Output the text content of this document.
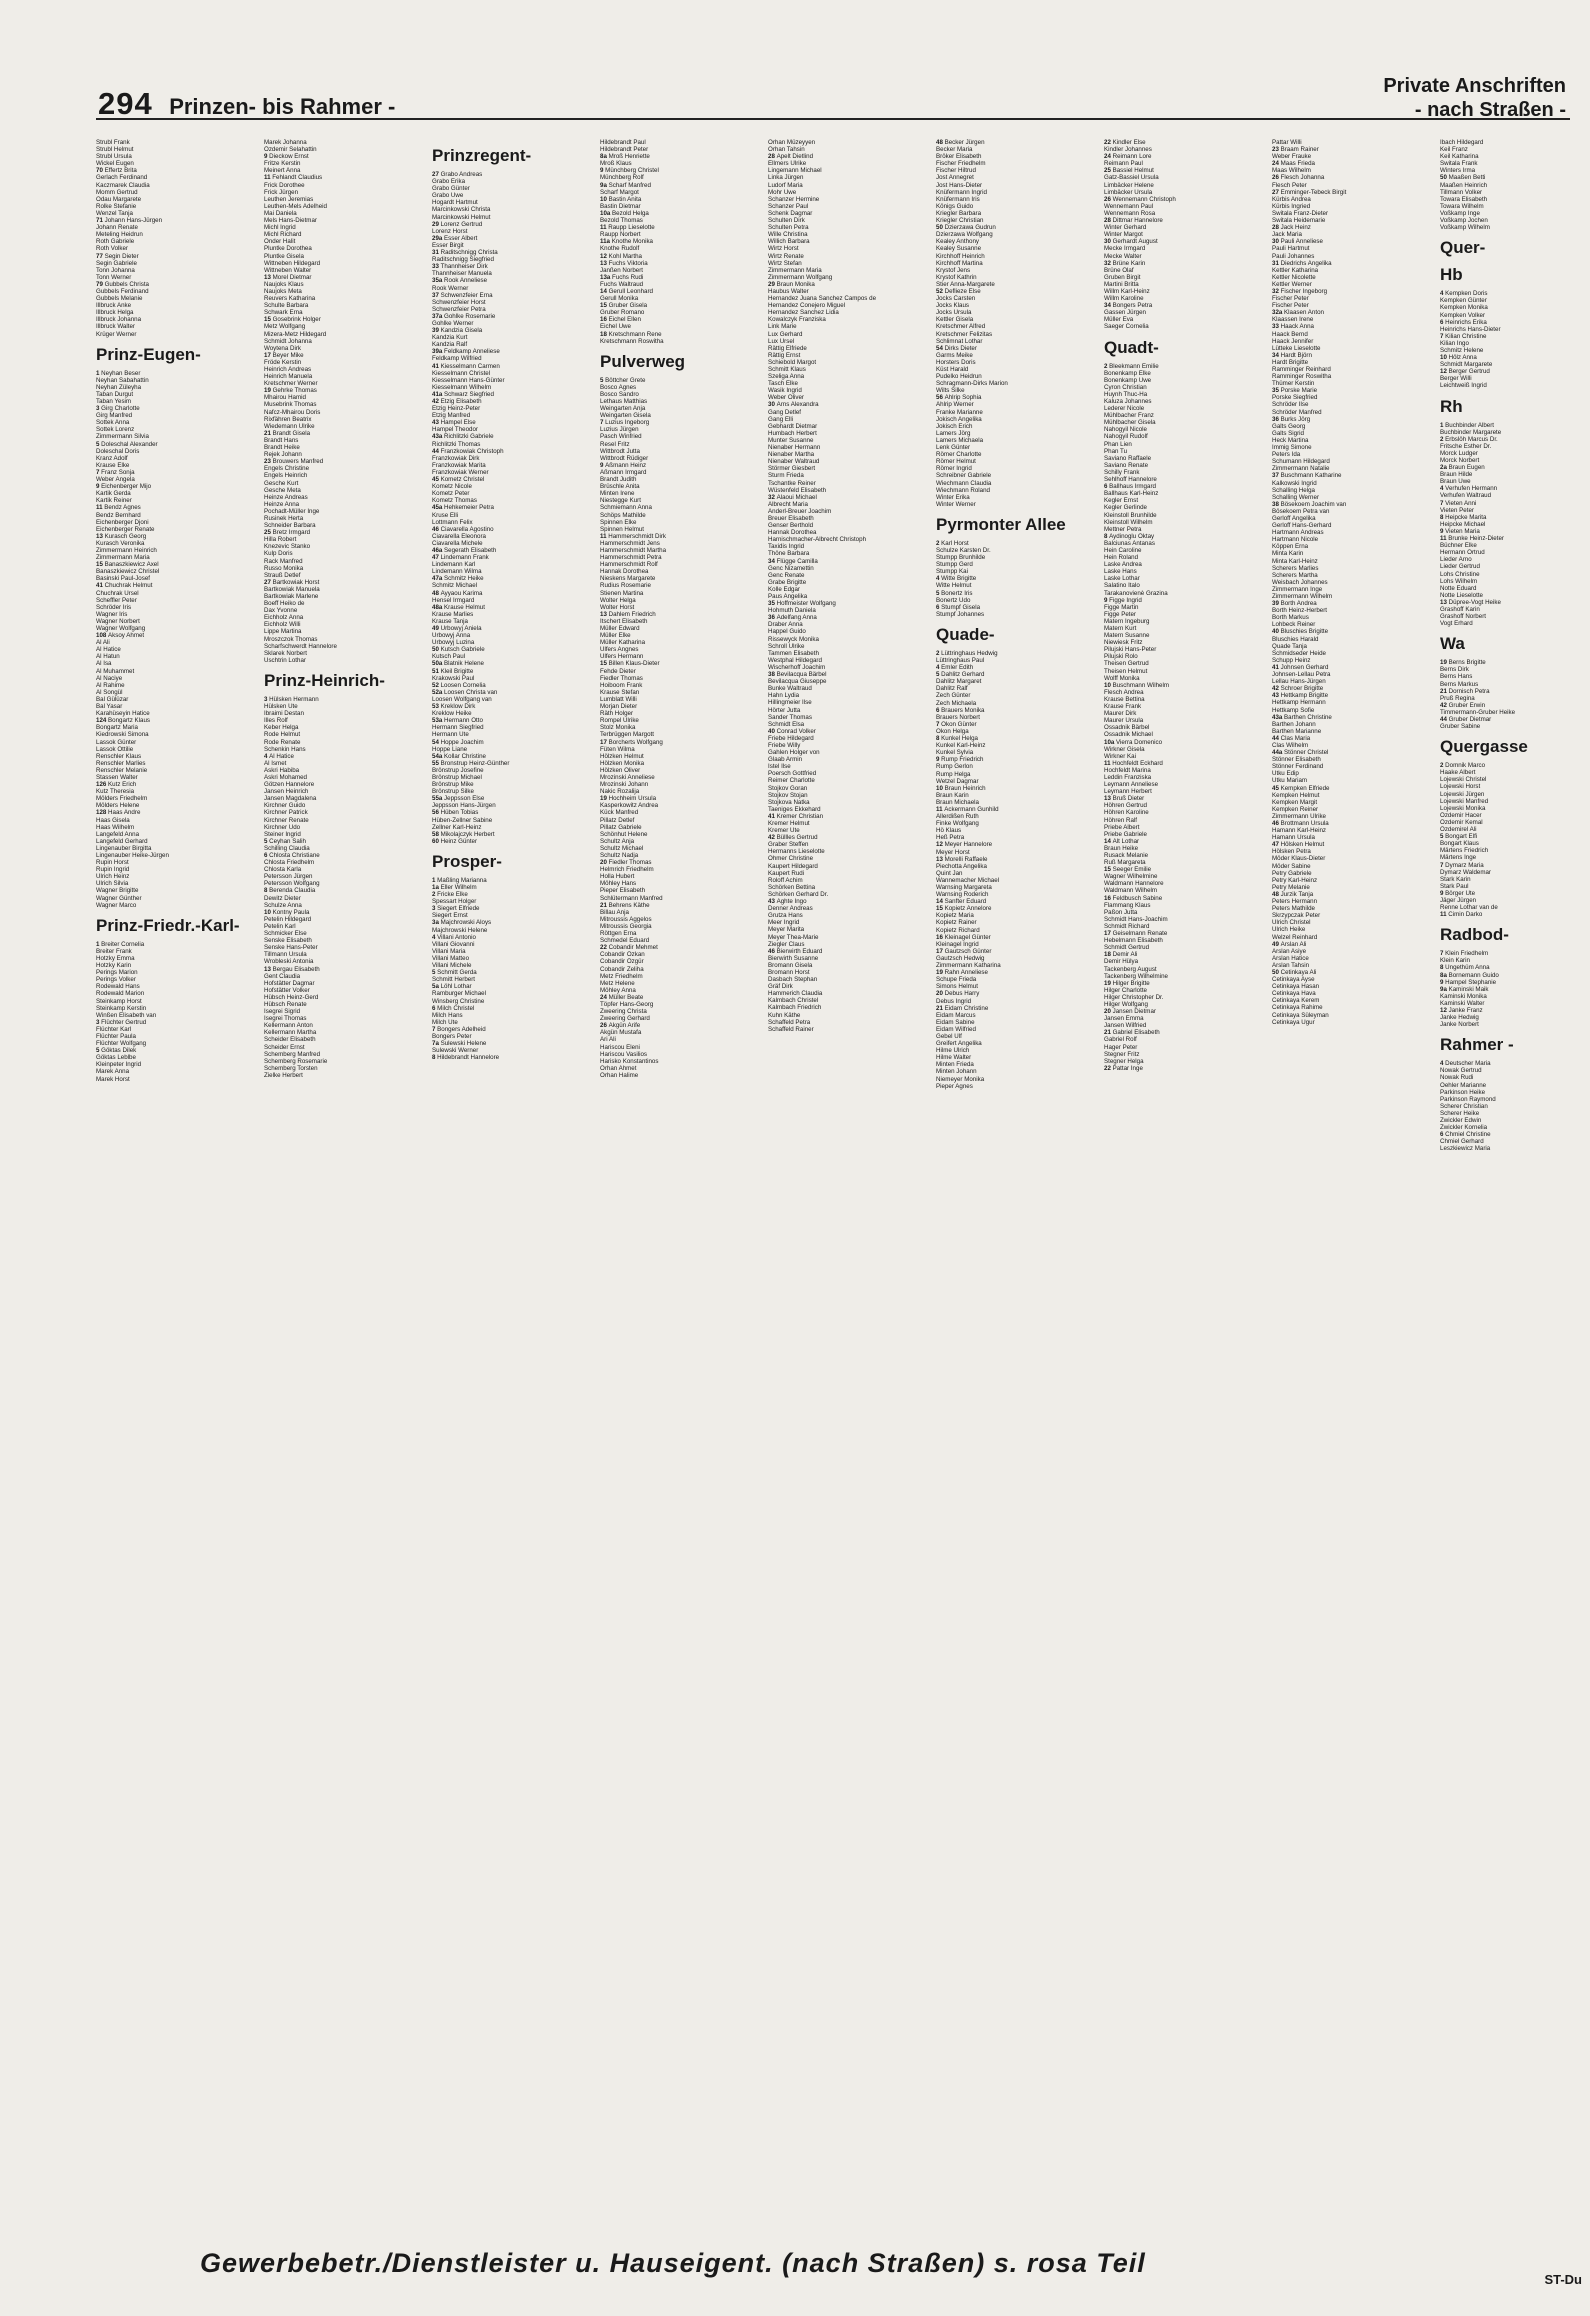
294 Prinzen- bis Rahmer -
Private Anschriften
- nach Straßen -
Strubl Frank
Strubl Helmut
Strubl Ursula
Wickel Eugen
70 Effertz Brita
Gerlach Ferdinand
Kaczmarek Claudia
Momm Gertrud
Odau Margarete
Rolke Stefanie
Wenzel Tanja
71 Johann Hans-Jürgen
Johann Renate
Meteling Heidrun
Roth Gabriele
Roth Volker
77 Segin Dieter
Segin Gabriele
Tonn Johanna
Tonn Werner
79 Gubbels Christa
Gubbels Ferdinand
Gubbels Melanie
Illbruck Anke
Illbruck Helga
Illbruck Johanna
Illbruck Walter
Krüger Werner
Prinz-Eugen-
1 Neyhan Beser
Neyhan Sabahattin
Neyhan Züleyha
Taban Durgut
Taban Yesim
3 Girg Charlotte
Girg Manfred
Sottek Anna
Sottek Lorenz
Zimmermann Silvia
5 Doleschal Alexander
Doleschal Doris
Kranz Adolf
Krause Elke
7 Franz Sonja
Weber Angela
9 Eichenberger Mijo
Kartik Gerda
Kartik Reiner
11 Bendz Agnes
Bendz Bernhard
Eichenberger Djoni
Eichenberger Renate
13 Kurasch Georg
Kurasch Veronika
Zimmermann Heinrich
Zimmermann Maria
15 Banaszkiewicz Axel
Banaszkiewicz Christel
Basinski Paul-Josef
41 Chuchrak Helmut
Chuchrak Ursel
Scheffler Peter
Schröder Iris
Wagner Iris
Wagner Norbert
Wagner Wolfgang
108 Aksoy Ahmet
Al Ali
Al Hatice
Al Hatun
Al Isa
Al Muhammet
Al Naciye
Al Rahime
Al Songül
Bal Gülüzar
Bal Yasar
Karahüseyin Hatice
124 Bongartz Klaus
Bongartz Maria
Kiedrowski Simona
Lassok Günter
Lassok Ottilie
Renschler Klaus
Renschler Marlies
Renschler Melanie
Stassen Walter
126 Kutz Erich
Kutz Theresia
Mölders Friedhelm
Mölders Helene
128 Haas Andre
Haas Gisela
Haas Wilhelm
Langefeld Anna
Langefeld Gerhard
Lingenauber Birgitta
Lingenauber Heike-Jürgen
Rupin Horst
Rupin Ingrid
Ulrich Heinz
Ulrich Silvia
Wagner Brigitte
Wagner Günther
Wagner Marco
Prinz-Friedr.-Karl-
1 Breiter Cornelia
Breiter Frank
Hotzky Emma
Hotzky Karin
Perings Marion
Perings Volker
Rodewald Hans
Rodewald Marion
Steinkamp Horst
Steinkamp Kerstin
Winßen Elisabeth van
3 Flüchter Gertrud
Flüchter Karl
Flüchter Paula
Flüchter Wolfgang
5 Göktas Dilek
Göktas Leblbe
Kleinpeter Ingrid
Marek Anna
Marek Horst
Marek Johanna
Özdemir Selahattin
9 Dieckow Ernst
Fritze Kerstin
Meinert Anna
11 Fehlandt Claudius
Frick Dorothee
Frick Jürgen
Leuthen Jeremias
Leuthen-Mels Adelheid
Mai Daniela
Mels Hans-Dietmar
Michl Ingrid
Michl Richard
Önder Halit
Pluntke Dorothea
Pluntke Gisela
Wittneben Hildegard
Wittneben Walter
13 Morel Dietmar
Naujoks Klaus
Naujoks Meta
Reuvers Katharina
Schulte Barbara
Schwark Erna
15 Gosebrink Holger
Metz Wolfgang
Mizera-Metz Hildegard
Schmidt Johanna
Woytena Dirk
17 Beyer Mike
Fröde Kerstin
Heinrich Andreas
Heinrich Manuela
Kretschmer Werner
19 Gehrke Thomas
Mhairou Hamid
Musebrink Thomas
Nafcz-Mhairou Doris
Rixfähren Beatrix
Wiedemann Ulrike
21 Brandt Gisela
Brandt Hans
Brandt Heike
Rejek Johann
23 Brouwers Manfred
Engels Christine
Engels Heinrich
Gesche Kurt
Gesche Meta
Heinze Andreas
Heinze Anna
Pochadt-Müller Inge
Rusinek Herta
Schneider Barbara
25 Bretz Irmgard
Hilla Robert
Knezevic Stanko
Kulp Doris
Rack Manfred
Russo Monika
Strauß Detlef
27 Bartkowiak Horst
Bartkowiak Manuela
Bartkowiak Marlene
Boeff Heiko de
Dax Yvonne
Eichholz Anna
Eichholz Willi
Lippe Martina
Mroszczok Thomas
Scharfschwerdt Hannelore
Sklarek Norbert
Uschtrin Lothar
Prinz-Heinrich-
3 Hülsken Hermann
Hülsken Ute
Ibraimi Destan
Illes Rolf
Keber Helga
Rode Helmut
Rode Renate
Schenkin Hans
4 Al Hatice
Al Ismet
Askri Habiba
Askri Mohamed
Götzen Hannelore
Jansen Heinrich
Jansen Magdalena
Kirchner Guido
Kirchner Patrick
Kirchner Renate
Kirchner Udo
Steiner Ingrid
5 Ceyhan Salih
Schilling Claudia
6 Chlosta Christiane
Chlosta Friedhelm
Chlosta Karla
Petersson Jürgen
Petersson Wolfgang
8 Berenda Claudia
Dewitz Dieter
Schulze Anna
10 Kontny Paula
Petelin Hildegard
Petelin Karl
Schmicker Else
Senske Elisabeth
Senske Hans-Peter
Tillmann Ursula
Wrobleski Antonia
13 Bergau Elisabeth
Gent Claudia
Hofstätter Dagmar
Hofstätter Volker
Hübsch Heinz-Gerd
Hübsch Renate
Isegrei Sigrid
Isegrei Thomas
Kellermann Anton
Kellermann Martha
Scheider Elisabeth
Scheider Ernst
Schemberg Manfred
Schemberg Rosemarie
Schemberg Torsten
Zielke Herbert
Prinzregent-
27 Grabo Andreas
Grabo Erika
Grabo Günter
Grabo Uwe
Hogardt Hartmut
Marcinkowski Christa
Marcinkowski Helmut
29 Lorenz Gertrud
Lorenz Horst
29a Esser Albert
Esser Birgit
31 Raditschnigg Christa
Raditschnigg Siegfried
33 Thannheiser Dirk
Thannheiser Manuela
35a Rook Anneliese
Rook Werner
37 Schwenzfeier Erna
Schwenzfeier Horst
Schwenzfeier Petra
37a Gohlke Rosemarie
Gohlke Werner
39 Kandzia Gisela
Kandzia Kurt
Kandzia Ralf
39a Feldkamp Anneliese
Feldkamp Wilfried
41 Kiesselmann Carmen
Kiesselmann Christel
Kiesselmann Hans-Günter
Kiesselmann Wilhelm
41a Schwarz Siegfried
42 Etzig Elisabeth
Etzig Heinz-Peter
Etzig Manfred
43 Hampel Else
Hampel Theodor
43a Richlitzki Gabriele
Richlitzki Thomas
44 Franzkowiak Christoph
Franzkowiak Dirk
Franzkowiak Marita
Franzkowiak Werner
45 Kometz Christel
Kometz Nicole
Kometz Peter
Kometz Thomas
45a Hehkemeier Petra
Kruse Elli
Lottmann Felix
46 Ciavarella Agostino
Ciavarella Eleonora
Ciavarella Michele
46a Segerath Elisabeth
47 Lindemann Frank
Lindemann Karl
Lindemann Wilma
47a Schmitz Heike
Schmitz Michael
48 Ayyaou Karima
Hensel Irmgard
48a Krause Helmut
Krause Marlies
Krause Tanja
49 Urbowyj Aniela
Urbowyj Anna
Urbowyj Luzina
50 Kutsch Gabriele
Kutsch Paul
50a Blatnik Helene
51 Kleil Brigitte
Krakowski Paul
52 Loosen Cornelia
52a Loosen Christa van
Loosen Wolfgang van
53 Kreklow Dirk
Kreklow Heike
53a Hermann Otto
Hermann Siegfried
Hermann Ute
54 Hoppe Joachim
Hoppe Liane
54a Kollar Christine
55 Bronstrup Heinz-Günther
Brönstrup Josefine
Brönstrup Michael
Brönstrup Mike
Brönstrup Silke
55a Jeppsson Else
Jeppsson Hans-Jürgen
56 Hüben Tobias
Hüben-Zellner Sabine
Zellner Karl-Heinz
58 Mikolajczyk Herbert
60 Heinz Günter
Prosper-
1 Maßling Marianna
1a Eller Wilhelm
2 Fricke Elke
Spessart Holger
3 Siegert Elfriede
Siegert Ernst
3a Majchrowski Aloys
Majchrowski Helene
4 Villani Antonio
Villani Giovanni
Villani Maria
Villani Matteo
Villani Michele
5 Schmitt Gerda
Schmitt Herbert
5a Löhl Lothar
Ramburger Michael
Winsberg Christine
6 Milch Christel
Milch Hans
Milch Ute
7 Bongers Adelheid
Bongers Peter
7a Sulewski Helene
Sulewski Werner
8 Hildebrandt Hannelore
Hildebrandt Paul
Hildebrandt Peter
8a Mroß Henriette
Mroß Klaus
9 Münchberg Christel
Münchberg Rolf
9a Scharf Manfred
Scharf Margot
10 Bastin Anita
Bastin Dietmar
10a Bezold Helga
Bezold Thomas
11 Raupp Lieselotte
Raupp Norbert
11a Knothe Monika
Knothe Rudolf
12 Kohl Martha
13 Fuchs Viktoria
Janßen Norbert
13a Fuchs Rudi
Fuchs Waltraud
14 Gerull Leonhard
Gerull Monika
15 Gruber Gisela
Gruber Romano
16 Eichel Ellen
Eichel Uwe
18 Kretschmann Rene
Kretschmann Roswitha
Pulverweg
5 Böttcher Grete
Bosco Agnes
Bosco Sandro
Lethaus Matthias
Weingarten Anja
Weingarten Gisela
7 Luzius Ingeborg
Luzius Jürgen
Pasch Winfried
Resel Fritz
Wittbrodt Jutta
Wittbrodt Rüdiger
9 Aßmann Heinz
Aßmann Irmgard
Brandt Judith
Brüschle Anita
Minten Irene
Niestegge Kurt
Schmiemann Anna
Schöps Mathilde
Spinnen Elke
Spinnen Helmut
11 Hammerschmidt Dirk
Hammerschmidt Jens
Hammerschmidt Martha
Hammerschmidt Petra
Hammerschmidt Rolf
Hannak Dorothea
Nieskens Margarete
Rudius Rosemarie
Stienen Martina
Wolter Helga
Wolter Horst
13 Dahlem Friedrich
Itschert Elisabeth
Müller Edward
Müller Elke
Müller Katharina
Ulfers Angnes
Ulfers Hermann
15 Billen Klaus-Dieter
Fehde Dieter
Fiedler Thomas
Hoiboom Frank
Krause Stefan
Lumblatt Willi
Morjan Dieter
Räth Holger
Rompel Ulrike
Stolz Monika
Terbrüggen Margott
17 Borcherts Wolfgang
Füten Wilma
Hölzken Helmut
Hölzken Monika
Hölzken Oliver
Mrozinski Anneliese
Mrozinski Johann
Nakic Rozalija
19 Hochheim Ursula
Kasperkowitz Andrea
Kück Manfred
Pillatz Detlef
Pillatz Gabriele
Schönhut Helene
Schultz Anja
Schultz Michael
Schultz Nadja
20 Fiedler Thomas
Helmrich Friedhelm
Holla Hubert
Möhley Hans
Pieper Elisabeth
Schlütermann Manfred
21 Behrens Käthe
Billau Anja
Mitroussis Aggelos
Mitroussis Georgia
Röttgen Erna
Schmedel Eduard
22 Cobandir Mehmet
Cobandir Özkan
Cobandir Özgür
Cobandir Zeliha
Metz Friedhelm
Metz Helene
Möhley Anna
24 Müller Beate
Töpfer Hans-Georg
Zweering Christa
Zweering Gerhard
26 Akgün Arife
Akgün Mustafa
Ari Ali
Hariscou Eleni
Hariscou Vasilios
Harisko Konstantinos
Orhan Ahmet
Orhan Halime
Orhan Müzeyyen
Orhan Tahsin
28 Apelt Dietlind
Ellmers Ulrike
Lingemann Michael
Linka Jürgen
Ludorf Maria
Mohr Uwe
Schanzer Hermine
Schanzer Paul
Schenk Dagmar
Schulten Dirk
Schulten Petra
Wille Christina
Willich Barbara
Wirtz Horst
Wirtz Renate
Wirtz Stefan
Zimmermann Maria
Zimmermann Wolfgang
29 Braun Monika
Haubus Walter
Hernandez Juana Sanchez Campos de
Hernandez Conejero Miguel
Hernandez Sanchez Lidia
Kowalczyk Franziska
Link Marie
Lux Gerhard
Lux Ursel
Rättig Elfriede
Rättig Ernst
Schiebold Margot
Schmitt Klaus
Szeliga Anna
Tasch Elke
Wasik Ingrid
Weber Oliver
30 Arns Alexandra
Gang Detlef
Gang Elli
Gebhardt Dietmar
Humbach Herbert
Munter Susanne
Nienaber Hermann
Nienaber Martha
Nienaber Waltraud
Störmer Giesbert
Sturm Frieda
Tschantke Reiner
Wüstenfeld Elisabeth
32 Alaoui Michael
Albrecht Maria
Anderl-Breuer Joachim
Breuer Elisabeth
Genser Berthold
Hannak Dorothea
Harnischmacher-Albrecht Christoph
Taxidis Ingrid
Thöne Barbara
34 Flügge Camilla
Genc Nizamettin
Genc Renate
Grabe Brigitte
Kolle Edgar
Paus Angelika
35 Hoffmeister Wolfgang
Hohmuth Daniela
36 Adelfang Anna
Draber Anna
Happel Guido
Rissewyck Monika
Schroll Ulrike
Tammen Elisabeth
Westphal Hildegard
Wischerhoff Joachim
38 Bevilacqua Bärbel
Bevilacqua Giuseppe
Bunke Waltraud
Hahn Lydia
Hillingmeier Ilse
Hörter Jutta
Sander Thomas
Schmidt Elsa
40 Conrad Volker
Friebe Hildegard
Friebe Willy
Gahlen Holger von
Glaab Armin
Istel Ilse
Poersch Gottfried
Reimer Charlotte
Stojkov Goran
Stojkov Stojan
Stojkova Natka
Taeniges Ekkehard
41 Kremer Christian
Kremer Helmut
Kremer Ute
42 Büllles Gertrud
Graber Steffen
Hermanns Lieselotte
Ohmer Christine
Kaupert Hildegard
Kaupert Rudi
Roloff Achim
Schörken Bettina
Schörken Gerhard Dr.
43 Aghte Ingo
Denner Andreas
Grutza Hans
Meer Ingrid
Meyer Marita
Meyer Thea-Marie
Ziegler Claus
46 Bierwirth Eduard
Bierwirth Susanne
Bromann Gisela
Bromann Horst
Dasbach Stephan
Gräf Dirk
Hammerich Claudia
Kalmbach Christel
Kalmbach Friedrich
Kuhn Käthe
Schaffeld Petra
Schaffeld Rainer
48 Becker Jürgen
Becker Maria
Bröker Elisabeth
Fischer Friedhelm
Fischer Hiltrud
Jost Annegret
Jost Hans-Dieter
Knüfermann Ingrid
Knüfermann Iris
Königs Guido
Kriegler Barbara
Kriegler Christian
50 Dzierzawa Gudrun
Dzierzawa Wolfgang
Kealey Anthony
Kealey Susanne
Kirchhoff Heinrich
Kirchhoff Martina
Krystof Jens
Krystof Kathrin
Stier Anna-Margarete
52 Deflieze Else
Jocks Carsten
Jocks Klaus
Jocks Ursula
Kettler Gisela
Kretschmer Alfred
Kretschmer Felizitas
Schlimnat Lothar
54 Dirks Dieter
Garms Meike
Horsters Doris
Küst Harald
Pudelko Heidrun
Schragmann-Dirks Marion
Wilts Silke
56 Ahlrip Sophia
Ahlrip Werner
Franke Marianne
Jokisch Angelika
Jokisch Erich
Lamers Jörg
Lamers Michaela
Lenk Günter
Römer Charlotte
Römer Helmut
Römer Ingrid
Schreibner Gabriele
Wiechmann Claudia
Wiechmann Roland
Winter Erika
Winter Werner
Pyrmonter Allee
2 Karl Horst
Schulze Karsten Dr.
Stumpp Brunhilde
Stumpp Gerd
Stumpp Kai
4 Witte Brigitte
Witte Helmut
5 Bonertz Iris
Bonertz Udo
6 Stumpf Gisela
Stumpf Johannes
Quade-
2 Lüttringhaus Hedwig
Lüttringhaus Paul
4 Emler Edith
5 Dahlitz Gerhard
Dahlitz Margaret
Dahlitz Ralf
Zech Günter
Zech Michaela
6 Brauers Monika
Brauers Norbert
7 Okon Günter
Okon Helga
8 Kunkel Helga
Kunkel Karl-Heinz
Kunkel Sylvia
9 Rump Friedrich
Rump Gerlon
Rump Helga
Wetzel Dagmar
10 Braun Heinrich
Braun Karin
Braun Michaela
11 Ackermann Gunhild
Allerdißen Ruth
Finke Wolfgang
Hö Klaus
Heß Petra
12 Meyer Hannelore
Meyer Horst
13 Morelli Raffaele
Piechotta Angelika
Quint Jan
Wannemacher Michael
Warnsing Margareta
Warnsing Roderich
14 Sanfter Eduard
15 Kopietz Annelore
Kopietz Maria
Kopietz Rainer
Kopietz Richard
16 Kleinagel Günter
Kleinagel Ingrid
17 Gautzsch Günter
Gautzsch Hedwig
Zimmermann Katharina
19 Rahn Anneliese
Schupe Frieda
Simons Helmut
20 Debus Harry
Debus Ingrid
21 Eidam Christine
Eidam Marcus
Eidam Sabine
Eidam Wilfried
Gebel Ulf
Greifert Angelika
Hilme Ulrich
Hilme Walter
Minten Frieda
Minten Johann
Niemeyer Monika
Pieper Agnes
22 Kindler Else
Kindler Johannes
24 Reimann Lore
Reimann Paul
25 Bassiel Helmut
Gatz-Bassiel Ursula
Limbäcker Helene
Limbäcker Ursula
26 Wennemann Christoph
Wennemann Paul
Wennemann Rosa
28 Dittmar Hannelore
Winter Gerhard
Winter Margot
30 Gerhardt August
Mecke Irmgard
Mecke Walter
32 Brüne Karin
Brüne Olaf
Gruben Birgit
Martini Britta
Willm Karl-Heinz
Willm Karoline
34 Bongers Petra
Gassen Jürgen
Müller Eva
Saeger Cornelia
Quadt-
2 Bleekmann Emilie
Bonenkamp Elke
Bonenkamp Uwe
Cyron Christian
Huynh Thuc-Ha
Kaluza Johannes
Lederer Nicole
Mühlbacher Franz
Mühlbacher Gisela
Nahogyil Nicole
Nahogyil Rudolf
Phan Lien
Phan Tu
Saviano Raffaele
Saviano Renate
Schilly Frank
Sehlhoff Hannelore
6 Ballhaus Irmgard
Ballhaus Karl-Heinz
Kegler Ernst
Kegler Gerlinde
Kleinstoll Brunhilde
Kleinstoll Wilhelm
Mettner Petra
8 Aydinoglu Oktay
Balciunas Antanas
Hein Caroline
Hein Roland
Laske Andrea
Laske Hans
Laske Lothar
Salatino Italo
Tarakanovienè Grazina
9 Figge Ingrid
Figge Martin
Figge Peter
Matern Ingeburg
Matern Kurt
Matern Susanne
Niewiesk Fritz
Pilujski Hans-Peter
Pilujski Rolo
Theisen Gertrud
Theisen Helmut
Wolff Monika
10 Buschmann Wilhelm
Flesch Andrea
Krause Bettina
Krause Frank
Maurer Dirk
Maurer Ursula
Ossadnik Bärbel
Ossadnik Michael
10a Vierra Domenico
Wirkner Gisela
Wirkner Kai
11 Hochfeldt Eckhard
Hochfeldt Marina
Leddin Franziska
Leymann Anneliese
Leymann Herbert
13 Bruß Dieter
Höhren Gertrud
Höhren Karoline
Höhren Ralf
Priebe Albert
Priebe Gabriele
14 Alt Lothar
Braun Heike
Rusack Melanie
Ruß Margareta
15 Seeger Emilie
Wagner Wilhelmine
Waldmann Hannelore
Waldmann Wilhelm
16 Feldbusch Sabine
Flammang Klaus
Paßon Jutta
Schmidt Hans-Joachim
Schmidt Richard
17 Geiselmann Renate
Hebelmann Elisabeth
Schmidt Gertrud
18 Demir Ali
Demir Hülya
Tackenberg August
Tackenberg Wilhelmine
19 Hilger Brigitte
Hilger Charlotte
Hilger Christopher Dr.
Hilger Wolfgang
20 Jansen Dietmar
Jansen Emma
Jansen Wilfried
21 Gabriel Elisabeth
Gabriel Rolf
Hager Peter
Stegner Fritz
Stegner Helga
22 Pattar Inge
Pattar Willi
23 Braam Rainer
Weber Frauke
24 Maas Frieda
Maas Wilhelm
26 Flesch Johanna
Flesch Peter
27 Emminger-Tebeck Birgit
Kürbis Andrea
Kürbis Ingried
Switala Franz-Dieter
Switala Heidemarie
28 Jack Heinz
Jack Maria
30 Pauli Anneliese
Pauli Hartmut
Pauli Johannes
31 Diedrichs Angelika
Kettler Katharina
Kettler Nicolette
Kettler Werner
32 Fischer Ingeborg
Fischer Peter
Fischer Peter
32a Klaasen Anton
Klaassen Irene
33 Haack Anna
Haack Bernd
Haack Jennifer
Lütteke Lieselotte
34 Hardt Björn
Hardt Brigitte
Ramminger Reinhard
Ramminger Roswitha
Thümer Kerstin
35 Porske Marie
Porske Siegfried
Schröder Ilse
Schröder Manfred
36 Burks Jörg
Galts Georg
Galts Sigrid
Heck Martina
Immig Simone
Peters Ida
Schumann Hildegard
Zimmermann Natalie
37 Buschmann Katharine
Kalkowski Ingrid
Schalling Helga
Schalling Werner
38 Bösekoem Joachim van
Bösekoem Petra van
Gerloff Angelika
Gerloff Hans-Gerhard
Hartmann Andreas
Hartmann Nicole
Köppen Erna
Minta Karin
Minta Karl-Heinz
Scherers Marlies
Scherers Martha
Weisbach Johannes
Zimmermann Inge
Zimmermann Wilhelm
39 Borth Andrea
Borth Heinz-Herbert
Borth Markus
Lohbeck Reiner
40 Bluschies Brigitte
Bluschies Harald
Quade Tanja
Schmidseder Heide
Schupp Heinz
41 Johnsen Gerhard
Johnsen-Lellau Petra
Lellau Hans-Jürgen
42 Schroer Brigitte
43 Hettkamp Brigitte
Hettkamp Hermann
Hettkamp Sofie
43a Barthen Christine
Barthen Johann
Barthen Marianne
44 Clas Maria
Clas Wilhelm
44a Stönner Christel
Stönner Elisabeth
Stönner Ferdinand
Utku Edip
Utku Mariam
45 Kempken Elfriede
Kempken Helmut
Kempken Margit
Kempken Reiner
Zimmermann Ulrike
46 Brottmann Ursula
Hamann Karl-Heinz
Hamann Ursula
47 Hölsken Helmut
Hölsken Petra
Möder Klaus-Dieter
Möder Sabine
Petry Gabriele
Petry Karl-Heinz
Petry Melanie
48 Jurzik Tanja
Peters Hermann
Peters Mathilde
Skrzypczak Peter
Ulrich Christel
Ulrich Heike
Welzel Reinhard
49 Arslan Ali
Arslan Asiye
Arslan Hatice
Arslan Tahsin
50 Cetinkaya Ali
Cetinkaya Ayse
Cetinkaya Hasan
Cetinkaya Hava
Cetinkaya Kerem
Cetinkaya Rahime
Cetinkaya Süleyman
Cetinkaya Ugur
Ibach Hildegard
Keil Franz
Keil Katharina
Switala Frank
Winters Irma
50 Maaßen Betti
Maaßen Heinrich
Tillmann Volker
Towara Elisabeth
Towara Wilhelm
Voßkamp Inge
Voßkamp Jochen
Voßkamp Wilhelm
Quer-
Hb
4 Kempken Doris
Kempken Günter
Kempken Monika
Kempken Volker
6 Heinrichs Erika
Heinrichs Hans-Dieter
7 Kilian Christine
Kilian Ingo
Schmitz Helene
10 Hölz Anna
Schmidt Margarete
12 Berger Gertrud
Berger Willi
Leichtweiß Ingrid
Rh
1 Buchbinder Albert
Buchbinder Margarete
2 Erbslöh Marcus Dr.
Fritsche Esther Dr.
Morck Ludger
Morck Norbert
2a Braun Eugen
Braun Hilde
Braun Uwe
4 Verhufen Hermann
Verhufen Waltraud
7 Vieten Anni
Vieten Peter
8 Heipcke Marita
Heipcke Michael
9 Vieten Maria
11 Brunke Heinz-Dieter
Büchner Elke
Hermann Ortrud
Lieder Arno
Lieder Gertrud
Lohs Christine
Lohs Wilhelm
Notte Eduard
Notte Lieselotte
13 Düpree-Vogt Heike
Grashoff Karin
Grashoff Norbert
Vogt Erhard
Wa
19 Berns Brigitte
Berns Dirk
Berns Hans
Berns Markus
21 Dornisch Petra
Pruß Regina
42 Gruber Erwin
Timmermann-Gruber Heike
44 Gruber Dietmar
Gruber Sabine
Quergasse
2 Domnik Marco
Haake Albert
Lojewski Christel
Lojewski Horst
Lojewski Jürgen
Lojewski Manfred
Lojewski Monika
Özdemir Hacer
Özdemir Kemal
Özdemirel Ali
5 Bongart Elfi
Bongart Klaus
Märtens Friedrich
Märtens Inge
7 Dymarz Maria
Dymarz Waldemar
Stark Karin
Stark Paul
9 Börger Ute
Jäger Jürgen
Renne Lothar van de
11 Cimin Darko
Radbod-
7 Klein Friedhelm
Klein Karin
8 Ungethüm Anna
8a Bornemann Guido
9 Hampel Stephanie
9a Kaminski Maik
Kaminski Monika
Kaminski Walter
12 Janke Franz
Janke Hedwig
Janke Norbert
Rahmer -
4 Deutscher Maria
Nowak Gertrud
Nowak Rudi
Oehler Marianne
Parkinson Heike
Parkinson Raymond
Scherer Christian
Scherer Heike
Zwickler Edwin
Zwickler Kornelia
6 Chmiel Christine
Chmiel Gerhard
Leszkiewicz Maria
Gewerbebetr./Dienstleister u. Hauseigent. (nach Straßen) s. rosa Teil
ST-Du
